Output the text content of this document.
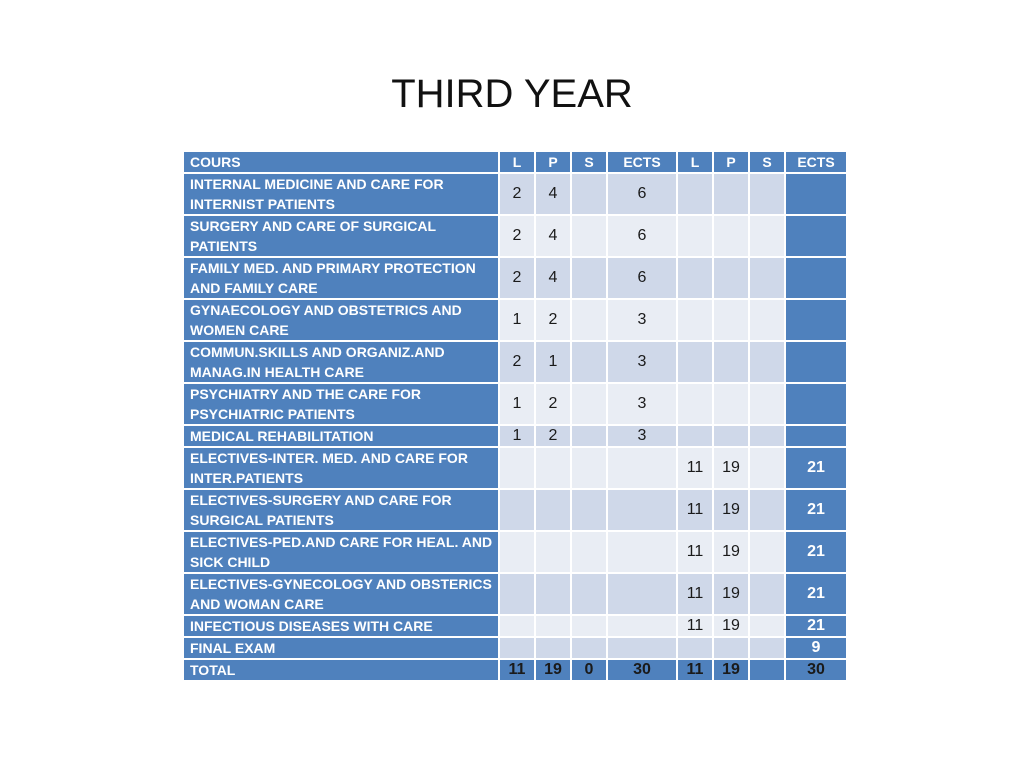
THIRD YEAR
COURS	L	P	S	ECTS	L	P	S	ECTS
INTERNAL MEDICINE AND CARE FOR INTERNIST PATIENTS	2	4		6				
SURGERY AND CARE OF SURGICAL PATIENTS	2	4		6				
FAMILY MED. AND PRIMARY PROTECTION AND FAMILY CARE	2	4		6				
GYNAECOLOGY AND OBSTETRICS AND WOMEN CARE	1	2		3				
COMMUN.SKILLS AND ORGANIZ.AND MANAG.IN HEALTH CARE	2	1		3				
PSYCHIATRY AND THE CARE FOR PSYCHIATRIC PATIENTS	1	2		3				
MEDICAL REHABILITATION	1	2		3				
ELECTIVES-INTER. MED. AND CARE FOR INTER.PATIENTS					11	19		21
ELECTIVES-SURGERY AND CARE FOR SURGICAL PATIENTS					11	19		21
ELECTIVES-PED.AND CARE FOR HEAL. AND SICK CHILD					11	19		21
ELECTIVES-GYNECOLOGY AND OBSTERICS AND WOMAN CARE					11	19		21
INFECTIOUS DISEASES WITH CARE					11	19		21
FINAL EXAM								9
TOTAL	11	19	0	30	11	19		30
